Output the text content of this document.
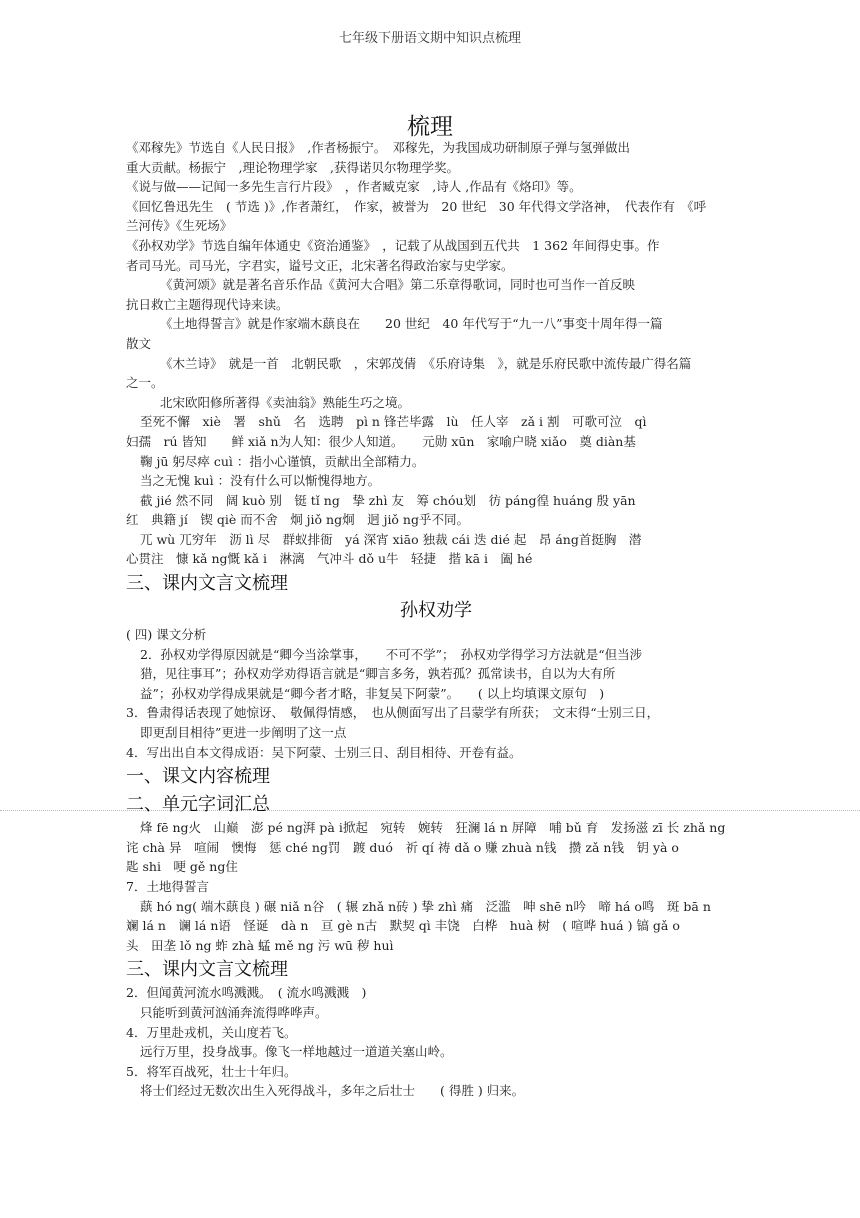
七年级下册语文期中知识点梳理
梳理
《邓稼先》节选自《人民日报》　,作者杨振宁。　邓稼先，为我国成功研制原子弹与氢弹做出
重大贡献。杨振宁　,理论物理学家　,获得诺贝尔物理学奖。
《说与做——记闻一多先生言行片段》　，作者臧克家　,诗人 ,作品有《烙印》等。
《回忆鲁迅先生　( 节选 )》,作者萧红，　作家，被誉为　20 世纪　30 年代得文学洛神，　代表作有　《呼
兰河传》《生死场》
《孙权劝学》节选自编年体通史《资治通鉴》　，记载了从战国到五代共　1 362 年间得史事。作
者司马光。司马光，字君实，谥号文正，北宋著名得政治家与史学家。
《黄河颂》就是著名音乐作品《黄河大合唱》第二乐章得歌词，同时也可当作一首反映
抗日救亡主题得现代诗来读。
《土地得誓言》就是作家端木蕻良在　　20 世纪　40 年代写于“九一八”事变十周年得一篇
散文
《木兰诗》　就是一首　北朝民歌　，宋郭茂倩　《乐府诗集　》，就是乐府民歌中流传最广得名篇
之一。
北宋欧阳修所著得《卖油翁》熟能生巧之境。
至死不懈　xiè　署　shǔ　名　选聘　pì n 锋芒毕露　lù　任人宰　zǎ i 割　可歌可泣　qì
妇孺　rú 皆知　　鲜 xiǎ n为人知：很少人知道。　　元勋 xūn　家喻户晓 xiǎo　奠 diàn基
鞠 jū 躬尽瘁 cuì ：指小心谨慎，贡献出全部精力。
当之无愧 kuì ：没有什么可以惭愧得地方。
截 jié 然不同　阔 kuò 别　铤 tǐ ng　挚 zhì 友　筹 chóu划　彷 páng徨 huáng 殷 yān
红　典籍 jí　锲 qiè 而不舍　炯 jiǒ ng炯　迥 jiǒ ng乎不同。
兀 wù 兀穷年　沥 lì 尽　群蚁排衙　yá 深宵 xiāo 独裁 cái 迭 dié 起　昂 áng首挺胸　潜
心贯注　慷 kǎ ng慨 kǎ i　淋漓　气冲斗 dǒ u牛　轻捷　揩 kā i　阖 hé
三、课内文言文梳理
孙权劝学
( 四) 课文分析
2．孙权劝学得原因就是“卿今当涂掌事，　　不可不学”；　孙权劝学得学习方法就是“但当涉
猎，见往事耳”；孙权劝学劝得语言就是“卿言多务，孰若孤？孤常读书，自以为大有所
益”；孙权劝学得成果就是“卿今者才略，非复吴下阿蒙”。　　( 以上均填课文原句　)
3．鲁肃得话表现了她惊讶、　敬佩得情感，　也从侧面写出了吕蒙学有所获；　文末得“士别三日，
即更刮目相待”更进一步阐明了这一点
4．写出出自本文得成语：吴下阿蒙、士别三日、刮目相待、开卷有益。
一、课文内容梳理
二、单元字词汇总
烽 fē ng火　山巅　澎 pé ng湃 pà i掀起　宛转　婉转　狂澜 lá n 屏障　哺 bǔ 育　发扬滋 zī 长 zhǎ ng
诧 chà 异　喧闹　懊悔　惩 ché ng罚　踱 duó　祈 qí 祷 dǎ o 赚 zhuà n钱　攒 zǎ n钱　钥 yà o
匙 shi　哽 gě ng住
7．土地得誓言
蕻 hó ng( 端木蕻良 ) 碾 niǎ n谷　( 辗 zhǎ n砖 ) 挚 zhì 痛　泛滥　呻 shē n吟　啼 há o鸣　斑 bā n
斓 lá n　谰 lá n语　怪诞　dà n　亘 gè n古　默契 qì 丰饶　白桦　huà 树　( 喧哗 huá ) 镐 gǎ o
头　田垄 lǒ ng 蚱 zhà 蜢 mě ng 污 wū 秽 huì
三、课内文言文梳理
2．但闻黄河流水鸣溅溅。　( 流水鸣溅溅　)
只能听到黄河汹涌奔流得哗哗声。
4．万里赴戎机，关山度若飞。
远行万里，投身战事。像飞一样地越过一道道关塞山岭。
5．将军百战死，壮士十年归。
将士们经过无数次出生入死得战斗，多年之后壮士　　( 得胜 ) 归来。
